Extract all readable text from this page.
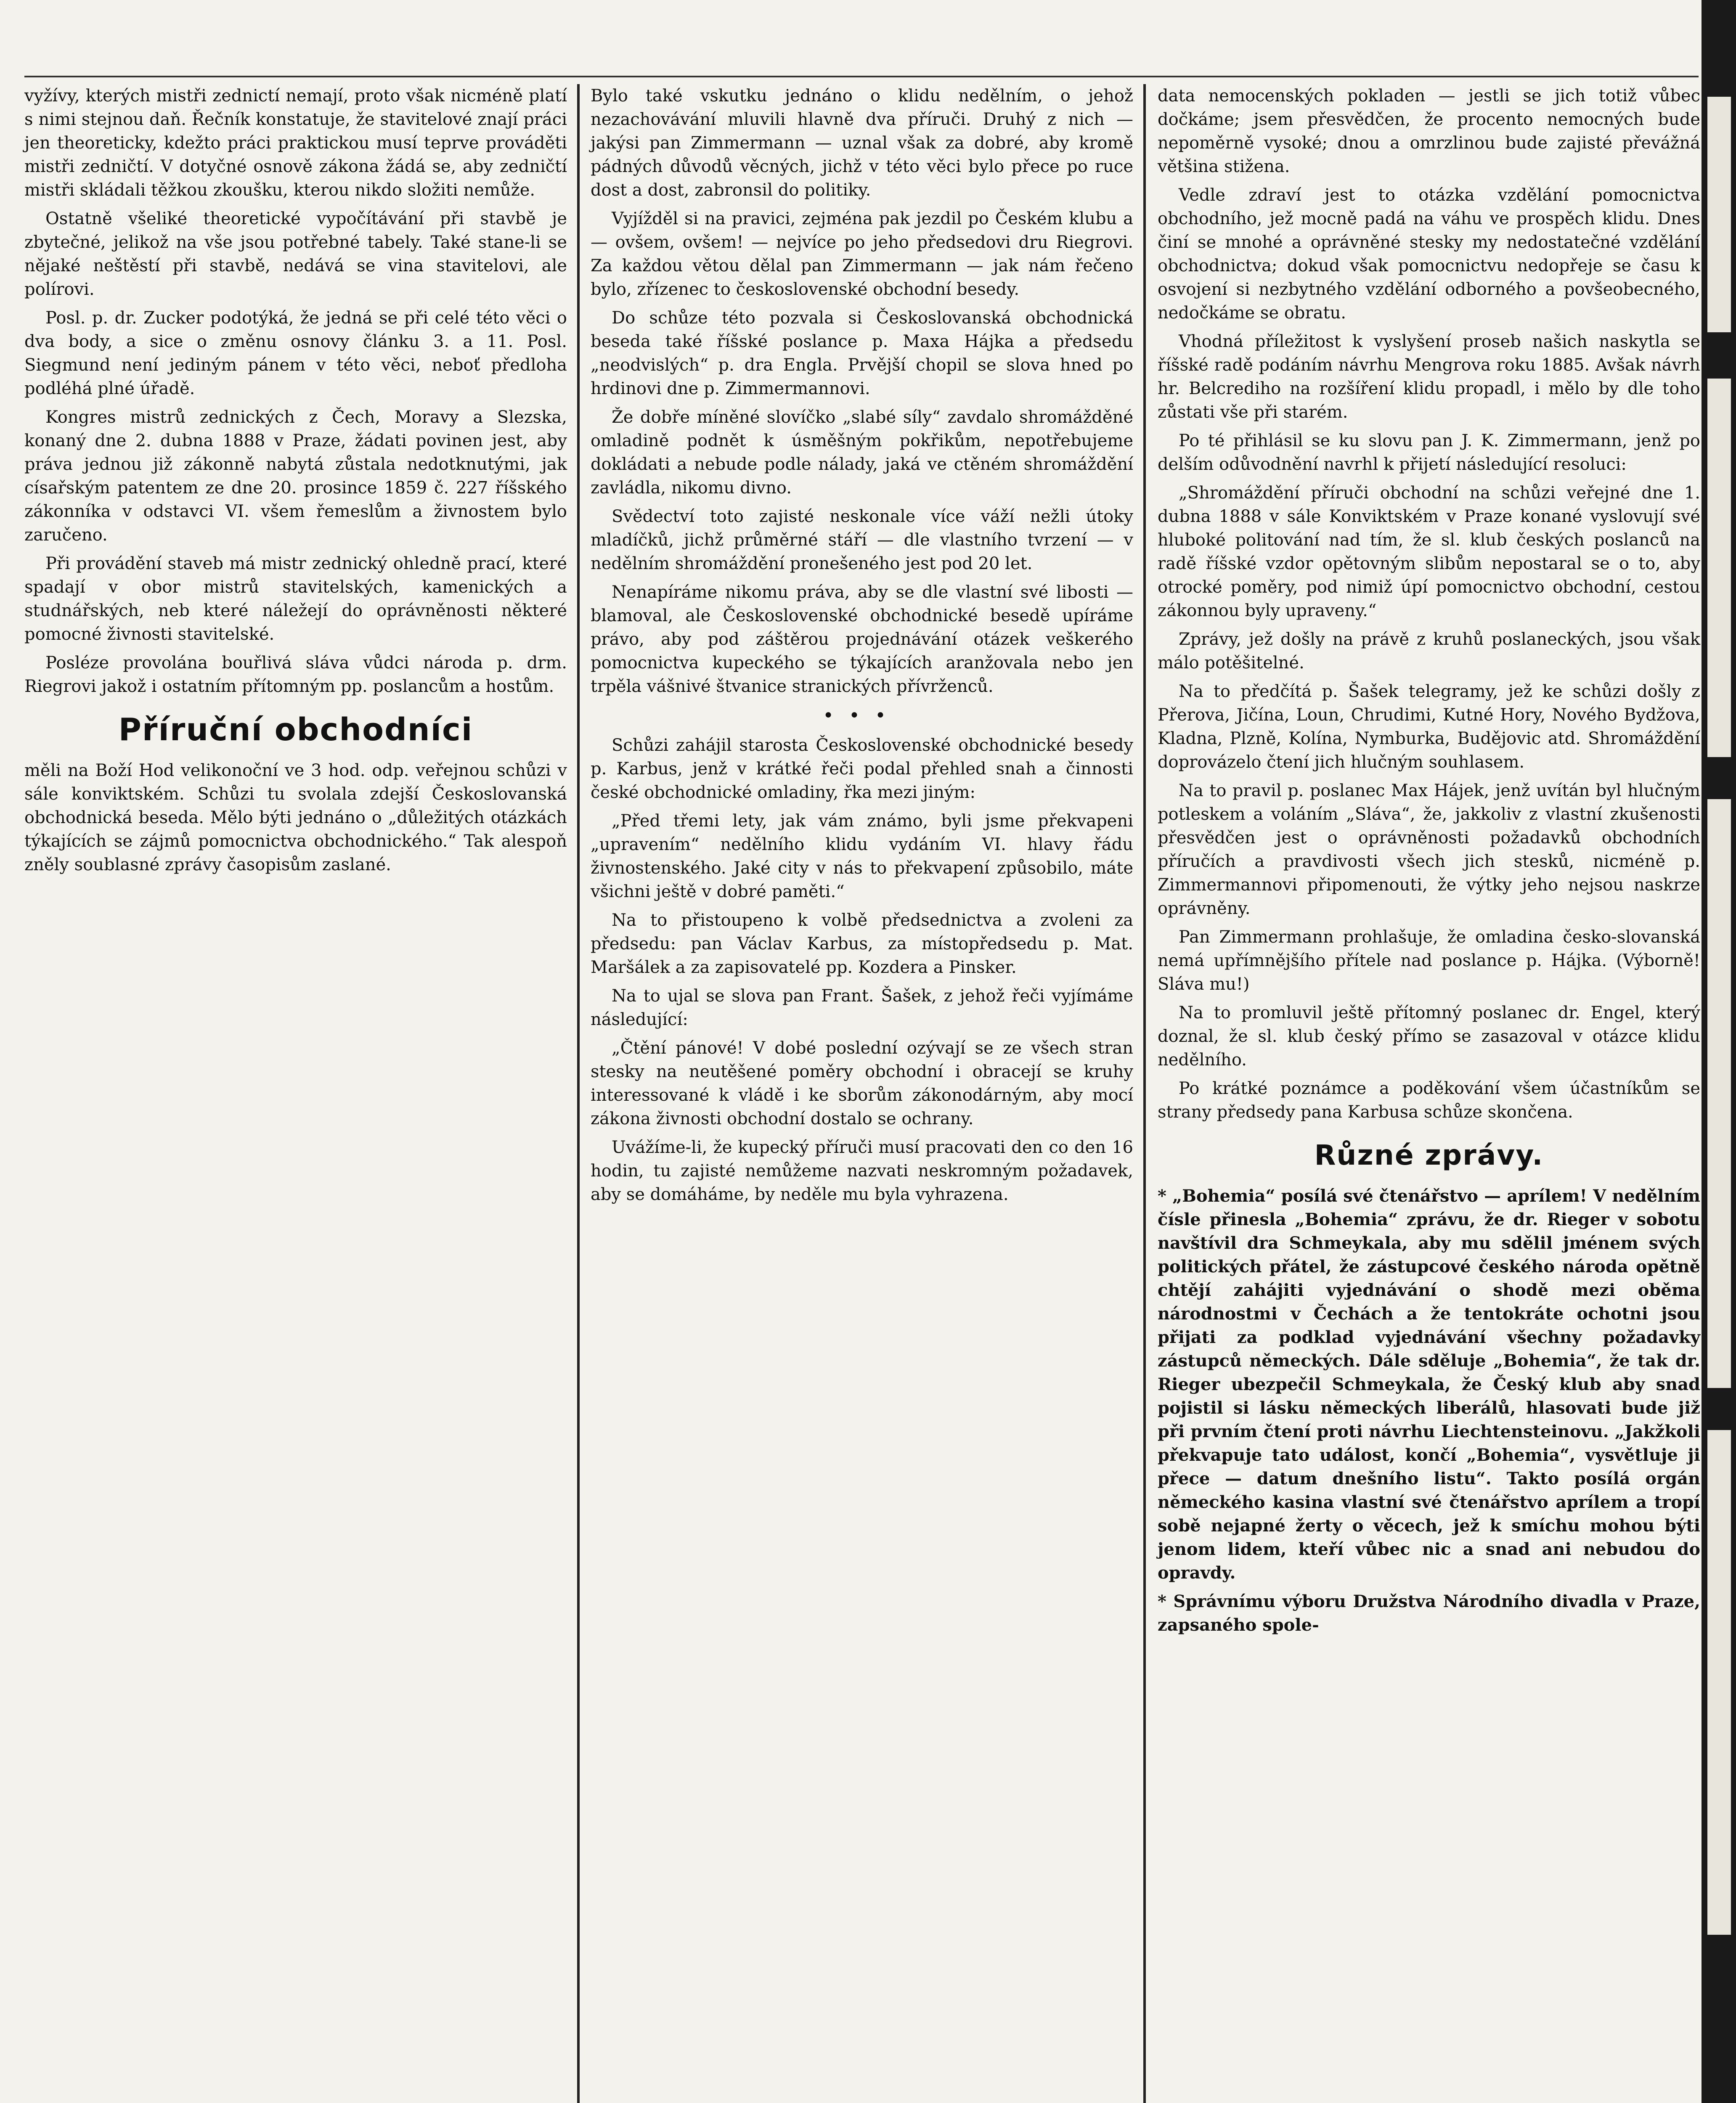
vyžívy, kterých mistři zednictí nemají, proto však nicméně platí s nimi stejnou daň. Řečník konstatuje, že stavitelové znají práci jen theoreticky, kdežto práci praktickou musí teprve prováděti mistři zedničtí. V dotyčné osnově zákona žádá se, aby zedničtí mistři skládali těžkou zkoušku, kterou nikdo složiti nemůže.

Ostatně všeliké theoretické vypočítávání při stavbě je zbytečné, jelikož na vše jsou potřebné tabely. Také stane-li se nějaké neštěstí při stavbě, nedává se vina stavitelovi, ale polírovi.

Posl. p. dr. Zucker podotýká, že jedná se při celé této věci o dva body, a sice o změnu osnovy článku 3. a 11. Posl. Siegmund není jediným pánem v této věci, neboť předloha podléhá plné úřadě.

Kongres mistrů zednických z Čech, Moravy a Slezska, konaný dne 2. dubna 1888 v Praze, žádati povinen jest, aby práva jednou již zákonně nabytá zůstala nedotknutými, jak císařským patentem ze dne 20. prosince 1859 č. 227 říšského zákonníka v odstavci VI. všem řemeslům a živnostem bylo zaručeno.

Při provádění staveb má mistr zednický ohledně prací, které spadají v obor mistrů stavitelských, kamenických a studnářských, neb které náležejí do oprávněnosti některé pomocné živnosti stavitelské.

Posléze provolána bouřlivá sláva vůdci národa p. drm. Riegrovi jakož i ostatním přítomným pp. poslancům a hostům.

Příruční obchodníci

měli na Boží Hod velikonoční ve 3 hod. odp. veřejnou schůzi v sále konviktském. Schůzi tu svolala zdejší Českoslovanská obchodnická beseda. Mělo býti jednáno o „důležitých otázkách týkajících se zájmů pomocnictva obchodnického.“ Tak alespoň zněly soublasné zprávy časopisům zaslané.

Bylo také vskutku jednáno o klidu nedělním, o jehož nezachovávání mluvili hlavně dva příruči. Druhý z nich — jakýsi pan Zimmermann — uznal však za dobré, aby kromě pádných důvodů věcných, jichž v této věci bylo přece po ruce dost a dost, zabronsil do politiky.

Vyjížděl si na pravici, zejména pak jezdil po Českém klubu a — ovšem, ovšem! — nejvíce po jeho předsedovi dru Riegrovi. Za každou větou dělal pan Zimmermann — jak nám řečeno bylo, zřízenec to československé obchodní besedy.

Do schůze této pozvala si Českoslovanská obchodnická beseda také říšské poslance p. Maxa Hájka a předsedu „neodvislých“ p. dra Engla. Prvější chopil se slova hned po hrdinovi dne p. Zimmermannovi.

Že dobře míněné slovíčko „slabé síly“ zavdalo shromážděné omladině podnět k úsměšným pokřikům, nepotřebujeme dokládati a nebude podle nálady, jaká ve ctěném shromáždění zavládla, nikomu divno.

Svědectví toto zajisté neskonale více váží nežli útoky mladíčků, jichž průměrné stáří — dle vlastního tvrzení — v nedělním shromáždění pronešeného jest pod 20 let.

Nenapíráme nikomu práva, aby se dle vlastní své libosti — blamoval, ale Československé obchodnické besedě upíráme právo, aby pod záštěrou projednávání otázek veškerého pomocnictva kupeckého se týkajících aranžovala nebo jen trpěla vášnivé štvanice stranických přívrženců.

•••

Schůzi zahájil starosta Československé obchodnické besedy p. Karbus, jenž v krátké řeči podal přehled snah a činnosti české obchodnické omladiny, řka mezi jiným:

„Před třemi lety, jak vám známo, byli jsme překvapeni „upravením“ nedělního klidu vydáním VI. hlavy řádu živnostenského. Jaké city v nás to překvapení způsobilo, máte všichni ještě v dobré paměti.“

Na to přistoupeno k volbě předsednictva a zvoleni za předsedu: pan Václav Karbus, za místopředsedu p. Mat. Maršálek a za zapisovatelé pp. Kozdera a Pinsker.

Na to ujal se slova pan Frant. Šašek, z jehož řeči vyjímáme následující:

„Čtění pánové! V dobé poslední ozývají se ze všech stran stesky na neutěšené poměry obchodní i obracejí se kruhy interessované k vládě i ke sborům zákonodárným, aby mocí zákona živnosti obchodní dostalo se ochrany.

Uvážíme-li, že kupecký příruči musí pracovati den co den 16 hodin, tu zajisté nemůžeme nazvati neskromným požadavek, aby se domáháme, by neděle mu byla vyhrazena.

data nemocenských pokladen — jestli se jich totiž vůbec dočkáme; jsem přesvědčen, že procento nemocných bude nepoměrně vysoké; dnou a omrzlinou bude zajisté převážná většina stižena.

Vedle zdraví jest to otázka vzdělání pomocnictva obchodního, jež mocně padá na váhu ve prospěch klidu. Dnes činí se mnohé a oprávněné stesky my nedostatečné vzdělání obchodnictva; dokud však pomocnictvu nedopřeje se času k osvojení si nezbytného vzdělání odborného a povšeobecného, nedočkáme se obratu.

Vhodná příležitost k vyslyšení proseb našich naskytla se říšské radě podáním návrhu Mengrova roku 1885. Avšak návrh hr. Belcrediho na rozšíření klidu propadl, i mělo by dle toho zůstati vše při starém.

Po té přihlásil se ku slovu pan J. K. Zimmermann, jenž po delším odůvodnění navrhl k přijetí následující resoluci:

„Shromáždění příruči obchodní na schůzi veřejné dne 1. dubna 1888 v sále Konviktském v Praze konané vyslovují své hluboké politování nad tím, že sl. klub českých poslanců na radě říšské vzdor opětovným slibům nepostaral se o to, aby otrocké poměry, pod nimiž úpí pomocnictvo obchodní, cestou zákonnou byly upraveny.“

Zprávy, jež došly na právě z kruhů poslaneckých, jsou však málo potěšitelné.

Na to předčítá p. Šašek telegramy, jež ke schůzi došly z Přerova, Jičína, Loun, Chrudimi, Kutné Hory, Nového Bydžova, Kladna, Plzně, Kolína, Nymburka, Budějovic atd. Shromáždění doprovázelo čtení jich hlučným souhlasem.

Na to pravil p. poslanec Max Hájek, jenž uvítán byl hlučným potleskem a voláním „Sláva“, že, jakkoliv z vlastní zkušenosti přesvědčen jest o oprávněnosti požadavků obchodních příručích a pravdivosti všech jich stesků, nicméně p. Zimmermannovi připomenouti, že výtky jeho nejsou naskrze oprávněny.

Pan Zimmermann prohlašuje, že omladina česko-slovanská nemá upřímnějšího přítele nad poslance p. Hájka. (Výborně! Sláva mu!)

Na to promluvil ještě přítomný poslanec dr. Engel, který doznal, že sl. klub český přímo se zasazoval v otázce klidu nedělního.

Po krátké poznámce a poděkování všem účastníkům se strany předsedy pana Karbusa schůze skončena.

Různé zprávy.

* „Bohemia“ posílá své čtenářstvo — aprílem! V nedělním čísle přinesla „Bohemia“ zprávu, že dr. Rieger v sobotu navštívil dra Schmeykala, aby mu sdělil jménem svých politických přátel, že zástupcové českého národa opětně chtějí zahájiti vyjednávání o shodě mezi oběma národnostmi v Čechách a že tentokráte ochotni jsou přijati za podklad vyjednávání všechny požadavky zástupců německých. Dále sděluje „Bohemia“, že tak dr. Rieger ubezpečil Schmeykala, že Český klub aby snad pojistil si lásku německých liberálů, hlasovati bude již při prvním čtení proti návrhu Liechtensteinovu. „Jakžkoli překvapuje tato událost, končí „Bohemia“, vysvětluje ji přece — datum dnešního listu“. Takto posílá orgán německého kasina vlastní své čtenářstvo aprílem a tropí sobě nejapné žerty o věcech, jež k smíchu mohou býti jenom lidem, kteří vůbec nic a snad ani nebudou do opravdy.

* Správnímu výboru Družstva Národního divadla v Praze, zapsaného spole-
